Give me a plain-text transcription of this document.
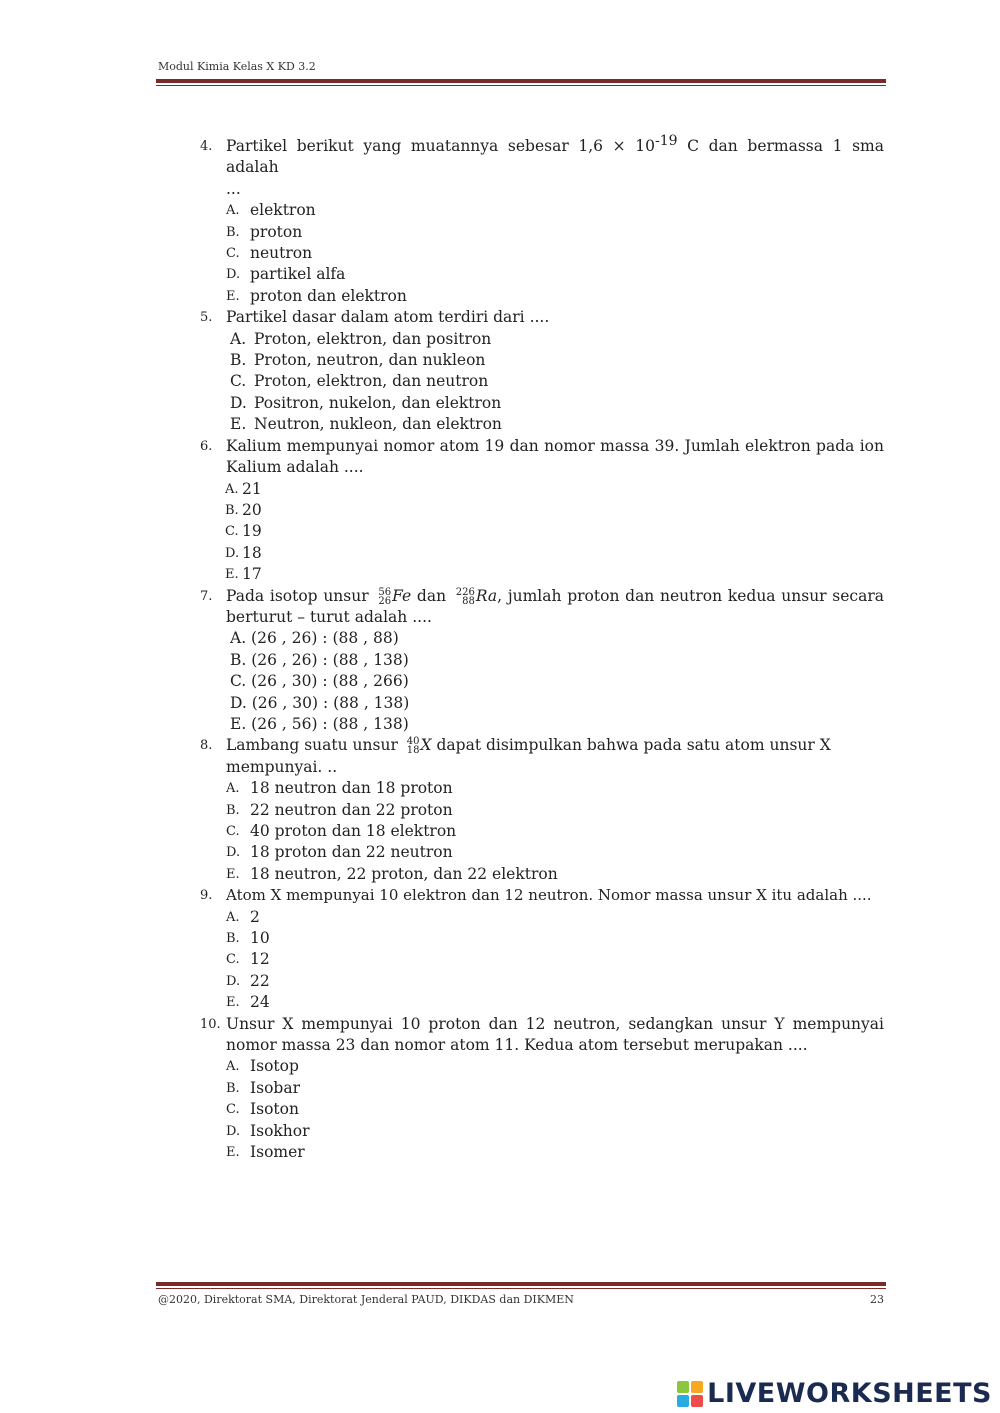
Modul Kimia Kelas X KD 3.2
4. Partikel berikut yang muatannya sebesar $1,6 \times 10^{-19}$ C dan bermassa 1 sma adalah
...
A. elektron
B. proton
C. neutron
D. partikel alfa
E. proton dan elektron
5. Partikel dasar dalam atom terdiri dari ....
A. Proton, elektron, dan positron
B. Proton, neutron, dan nukleon
C. Proton, elektron, dan neutron
D. Positron, nukelon, dan elektron
E. Neutron, nukleon, dan elektron
6. Kalium mempunyai nomor atom 19 dan nomor massa 39. Jumlah elektron pada ion Kalium adalah ....
A. 21
B. 20
C. 19
D. 18
E. 17
7. Pada isotop unsur 56
26 Fe dan 226
88 Ra, jumlah proton dan neutron kedua unsur secara berturut – turut adalah ....
A. (26 , 26) : (88 , 88)
B. (26 , 26) : (88 , 138)
C. (26 , 30) : (88 , 266)
D. (26 , 30) : (88 , 138)
E. (26 , 56) : (88 , 138)
8. Lambang suatu unsur 40
18 X dapat disimpulkan bahwa pada satu atom unsur X mempunyai. ..
A. 18 neutron dan 18 proton
B. 22 neutron dan 22 proton
C. 40 proton dan 18 elektron
D. 18 proton dan 22 neutron
E. 18 neutron, 22 proton, dan 22 elektron
9. Atom X mempunyai 10 elektron dan 12 neutron. Nomor massa unsur X itu adalah ....
A. 2
B. 10
C. 12
D. 22
E. 24
10. Unsur X mempunyai 10 proton dan 12 neutron, sedangkan unsur Y mempunyai nomor massa 23 dan nomor atom 11. Kedua atom tersebut merupakan ....
A. Isotop
B. Isobar
C. Isoton
D. Isokhor
E. Isomer
@2020, Direktorat SMA, Direktorat Jenderal PAUD, DIKDAS dan DIKMEN	23
LIVEWORKSHEETS
